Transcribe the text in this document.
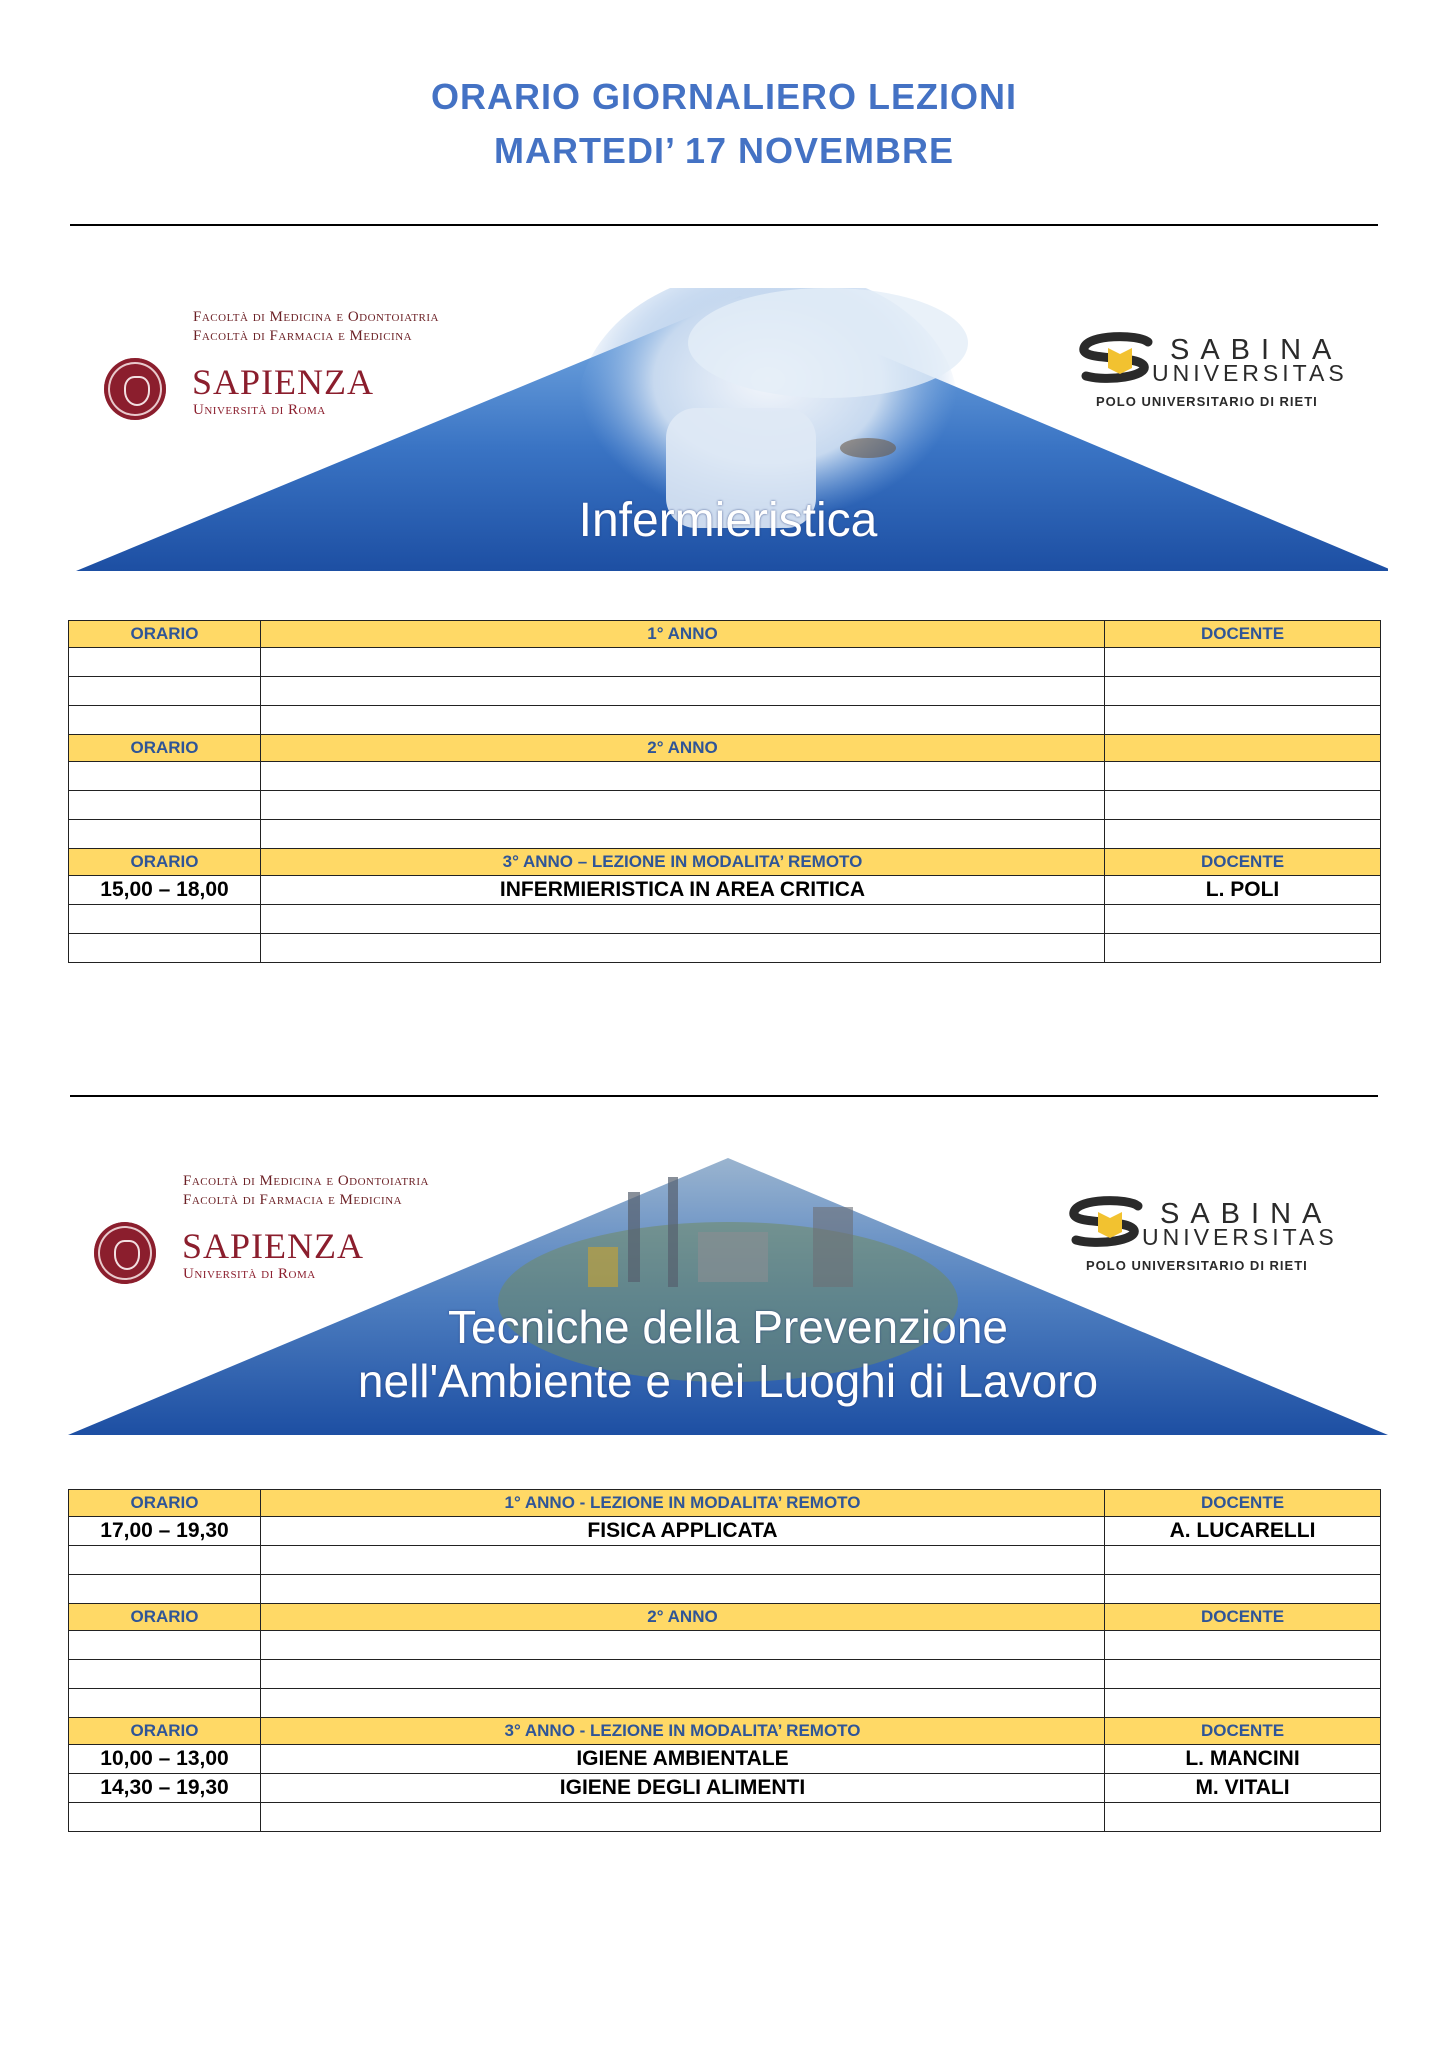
ORARIO GIORNALIERO LEZIONI
MARTEDI’ 17 NOVEMBRE
Facoltà di Medicina e Odontoiatria
Facoltà di Farmacia e Medicina
SAPIENZA
Università di Roma
SABINA
UNIVERSITAS
POLO UNIVERSITARIO DI RIETI
Infermieristica
ORARIO	1° ANNO	DOCENTE

ORARIO	2° ANNO	

ORARIO	3° ANNO – LEZIONE IN MODALITA’ REMOTO	DOCENTE
15,00 – 18,00	INFERMIERISTICA IN AREA CRITICA	L. POLI

Facoltà di Medicina e Odontoiatria
Facoltà di Farmacia e Medicina
SAPIENZA
Università di Roma
SABINA
UNIVERSITAS
POLO UNIVERSITARIO DI RIETI
Tecniche della Prevenzione
nell'Ambiente e nei Luoghi di Lavoro
ORARIO	1° ANNO - LEZIONE IN MODALITA’ REMOTO	DOCENTE
17,00 – 19,30	FISICA APPLICATA	A. LUCARELLI

ORARIO	2° ANNO	DOCENTE

ORARIO	3° ANNO - LEZIONE IN MODALITA’ REMOTO	DOCENTE
10,00 – 13,00	IGIENE AMBIENTALE	L. MANCINI
14,30 – 19,30	IGIENE DEGLI ALIMENTI	M. VITALI
